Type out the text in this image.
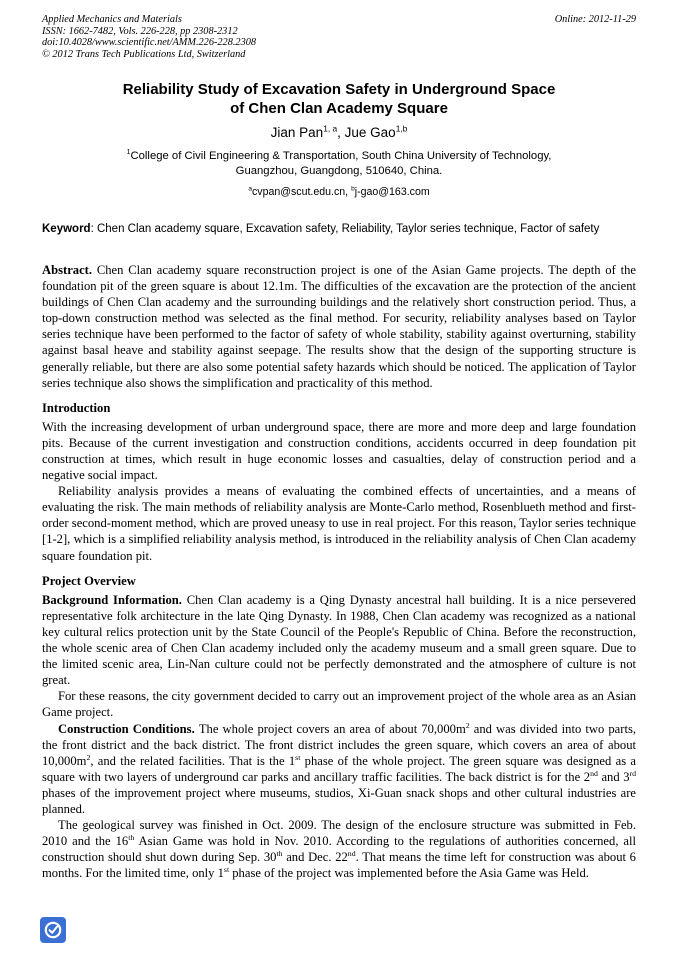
Applied Mechanics and Materials
ISSN: 1662-7482, Vols. 226-228, pp 2308-2312
doi:10.4028/www.scientific.net/AMM.226-228.2308
© 2012 Trans Tech Publications Ltd, Switzerland
Online: 2012-11-29
Reliability Study of Excavation Safety in Underground Space
of Chen Clan Academy Square
Jian Pan$^{1, a}$, Jue Gao$^{1,b}$
$^1$College of Civil Engineering & Transportation, South China University of Technology,
Guangzhou, Guangdong, 510640, China.
$^a$cvpan@scut.edu.cn, $^b$j-gao@163.com

Keyword: Chen Clan academy square, Excavation safety, Reliability, Taylor series technique, Factor of safety

Abstract. Chen Clan academy square reconstruction project is one of the Asian Game projects. The depth of the foundation pit of the green square is about 12.1m. The difficulties of the excavation are the protection of the ancient buildings of Chen Clan academy and the surrounding buildings and the relatively short construction period. Thus, a top-down construction method was selected as the final method. For security, reliability analyses based on Taylor series technique have been performed to the factor of safety of whole stability, stability against overturning, stability against basal heave and stability against seepage. The results show that the design of the supporting structure is generally reliable, but there are also some potential safety hazards which should be noticed. The application of Taylor series technique also shows the simplification and practicality of this method.

Introduction

With the increasing development of urban underground space, there are more and more deep and large foundation pits. Because of the current investigation and construction conditions, accidents occurred in deep foundation pit construction at times, which result in huge economic losses and casualties, delay of construction period and a negative social impact.

Reliability analysis provides a means of evaluating the combined effects of uncertainties, and a means of evaluating the risk. The main methods of reliability analysis are Monte-Carlo method, Rosenblueth method and first-order second-moment method, which are proved uneasy to use in real project. For this reason, Taylor series technique [1-2], which is a simplified reliability analysis method, is introduced in the reliability analysis of Chen Clan academy square foundation pit.

Project Overview

Background Information. Chen Clan academy is a Qing Dynasty ancestral hall building. It is a nice persevered representative folk architecture in the late Qing Dynasty. In 1988, Chen Clan academy was recognized as a national key cultural relics protection unit by the State Council of the People's Republic of China. Before the reconstruction, the whole scenic area of Chen Clan academy included only the academy museum and a small green square. Due to the limited scenic area, Lin-Nan culture could not be perfectly demonstrated and the atmosphere of culture is not great.

For these reasons, the city government decided to carry out an improvement project of the whole area as an Asian Game project.

Construction Conditions. The whole project covers an area of about $70,000m^2$ and was divided into two parts, the front district and the back district. The front district includes the green square, which covers an area of about $10,000m^2$, and the related facilities. That is the 1st phase of the whole project. The green square was designed as a square with two layers of underground car parks and ancillary traffic facilities. The back district is for the 2nd and 3rd phases of the improvement project where museums, studios, Xi-Guan snack shops and other cultural industries are planned.

The geological survey was finished in Oct. 2009. The design of the enclosure structure was submitted in Feb. 2010 and the 16th Asian Game was hold in Nov. 2010. According to the regulations of authorities concerned, all construction should shut down during Sep. 30th and Dec. 22nd. That means the time left for construction was about 6 months. For the limited time, only 1st phase of the project was implemented before the Asia Game was Held.
